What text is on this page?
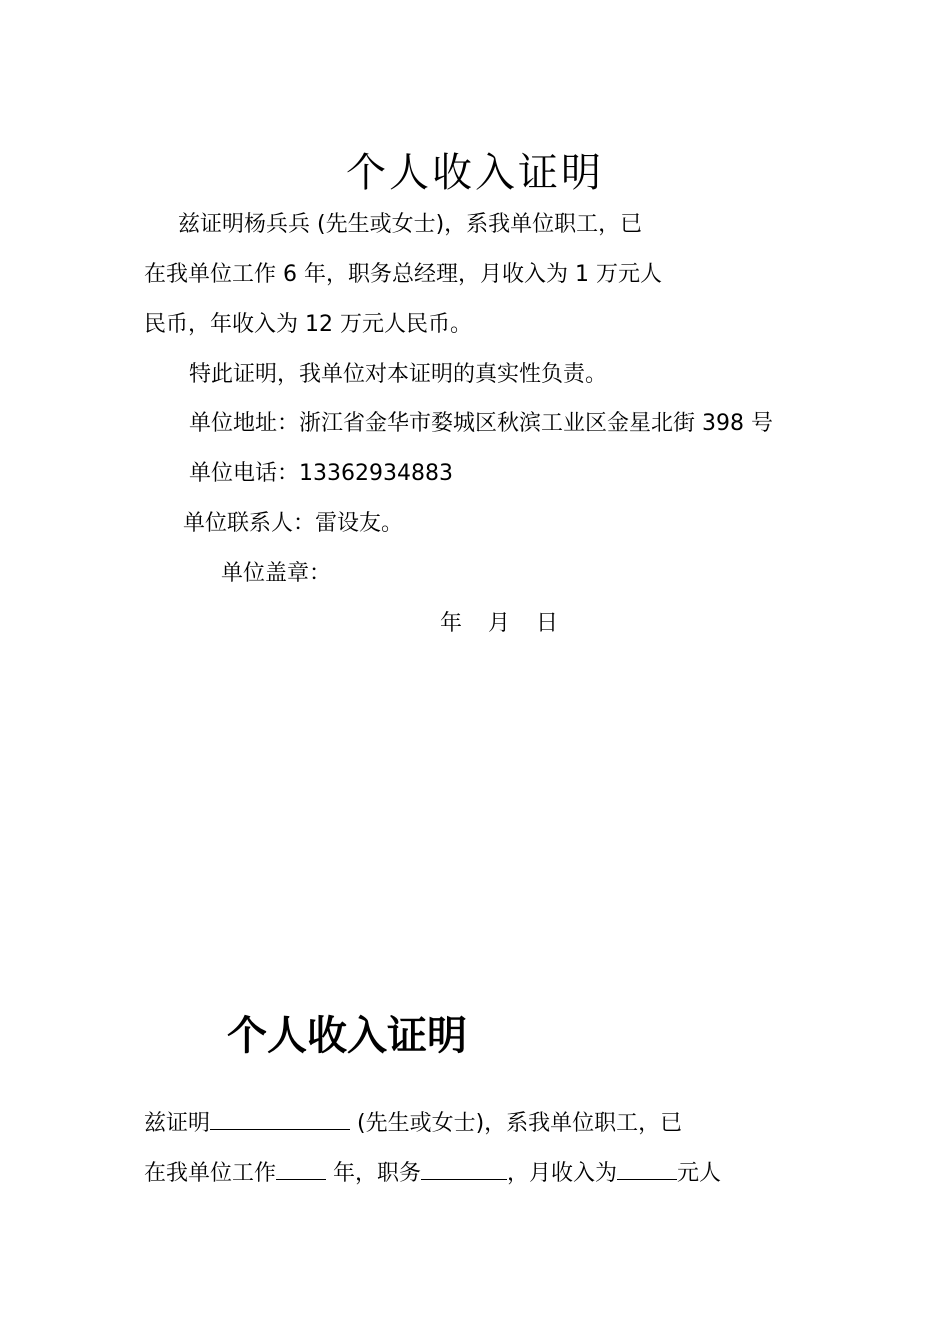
个人收入证明
兹证明杨兵兵 (先生或女士)，系我单位职工，已
在我单位工作 6 年，职务总经理，月收入为 1 万元人
民币，年收入为 12 万元人民币。
特此证明，我单位对本证明的真实性负责。
单位地址：浙江省金华市婺城区秋滨工业区金星北街 398 号
单位电话：13362934883
单位联系人：雷设友。
单位盖章：
年 月 日
个人收入证明
兹证明	(先生或女士)，系我单位职工，已
在我单位工作 年，职务	，月收入为	元人
